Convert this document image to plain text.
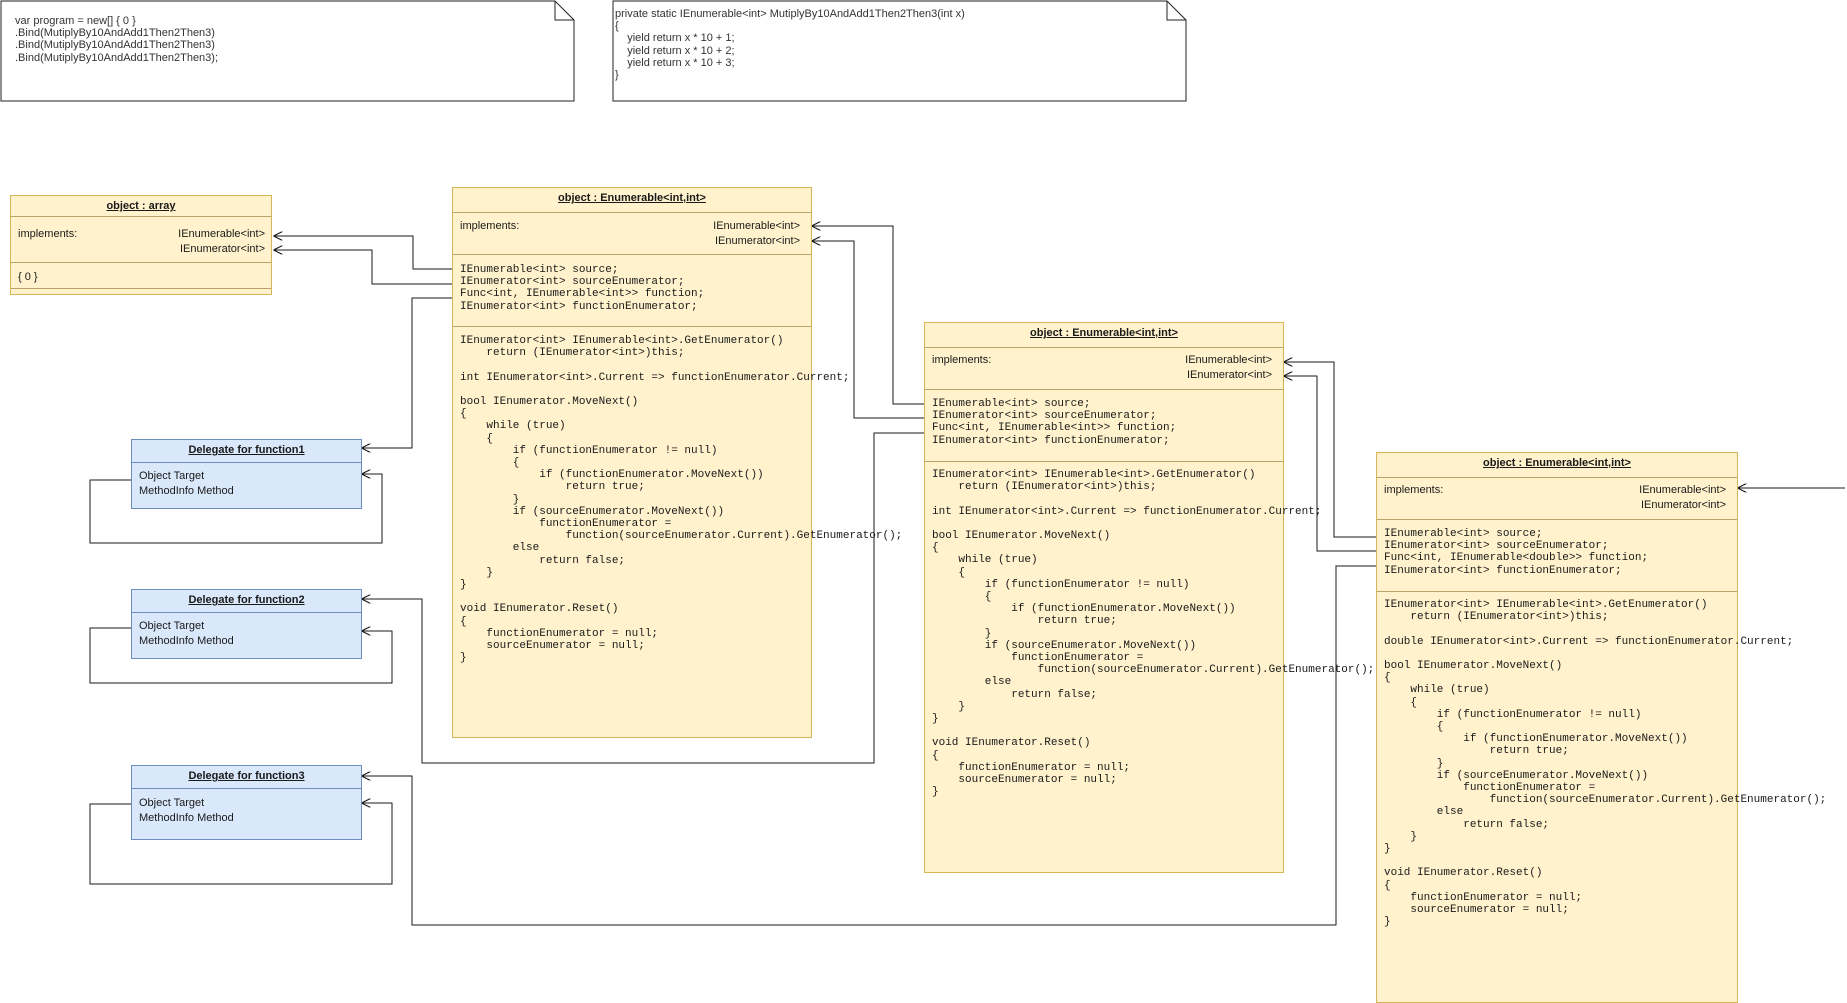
var program = new[] { 0 }
.Bind(MutiplyBy10AndAdd1Then2Then3)
.Bind(MutiplyBy10AndAdd1Then2Then3)
.Bind(MutiplyBy10AndAdd1Then2Then3);
private static IEnumerable<int> MutiplyBy10AndAdd1Then2Then3(int x)
{
yield return x * 10 + 1;
yield return x * 10 + 2;
yield return x * 10 + 3;
}
object : array
implements:	IEnumerable<int>
IEnumerator<int>
{ 0 }
Delegate for function1
Object Target
MethodInfo Method
Delegate for function2
Object Target
MethodInfo Method
Delegate for function3
Object Target
MethodInfo Method
object : Enumerable<int,int>
implements:	IEnumerable<int>
IEnumerator<int>
IEnumerable<int> source;
IEnumerator<int> sourceEnumerator;
Func<int, IEnumerable<int>> function;
IEnumerator<int> functionEnumerator;
IEnumerator<int> IEnumerable<int>.GetEnumerator()
return (IEnumerator<int>)this;

int IEnumerator<int>.Current => functionEnumerator.Current;

bool IEnumerator.MoveNext()
{
while (true)
{
if (functionEnumerator != null)
{
if (functionEnumerator.MoveNext())
return true;
}
if (sourceEnumerator.MoveNext())
functionEnumerator =
function(sourceEnumerator.Current).GetEnumerator();
else
return false;
}
}

void IEnumerator.Reset()
{
functionEnumerator = null;
sourceEnumerator = null;
}
object : Enumerable<int,int>
implements:	IEnumerable<int>
IEnumerator<int>
IEnumerable<int> source;
IEnumerator<int> sourceEnumerator;
Func<int, IEnumerable<int>> function;
IEnumerator<int> functionEnumerator;
IEnumerator<int> IEnumerable<int>.GetEnumerator()
return (IEnumerator<int>)this;

int IEnumerator<int>.Current => functionEnumerator.Current;

bool IEnumerator.MoveNext()
{
while (true)
{
if (functionEnumerator != null)
{
if (functionEnumerator.MoveNext())
return true;
}
if (sourceEnumerator.MoveNext())
functionEnumerator =
function(sourceEnumerator.Current).GetEnumerator();
else
return false;
}
}

void IEnumerator.Reset()
{
functionEnumerator = null;
sourceEnumerator = null;
}
object : Enumerable<int,int>
implements:	IEnumerable<int>
IEnumerator<int>
IEnumerable<int> source;
IEnumerator<int> sourceEnumerator;
Func<int, IEnumerable<double>> function;
IEnumerator<int> functionEnumerator;
IEnumerator<int> IEnumerable<int>.GetEnumerator()
return (IEnumerator<int>)this;

double IEnumerator<int>.Current => functionEnumerator.Current;

bool IEnumerator.MoveNext()
{
while (true)
{
if (functionEnumerator != null)
{
if (functionEnumerator.MoveNext())
return true;
}
if (sourceEnumerator.MoveNext())
functionEnumerator =
function(sourceEnumerator.Current).GetEnumerator();
else
return false;
}
}

void IEnumerator.Reset()
{
functionEnumerator = null;
sourceEnumerator = null;
}
